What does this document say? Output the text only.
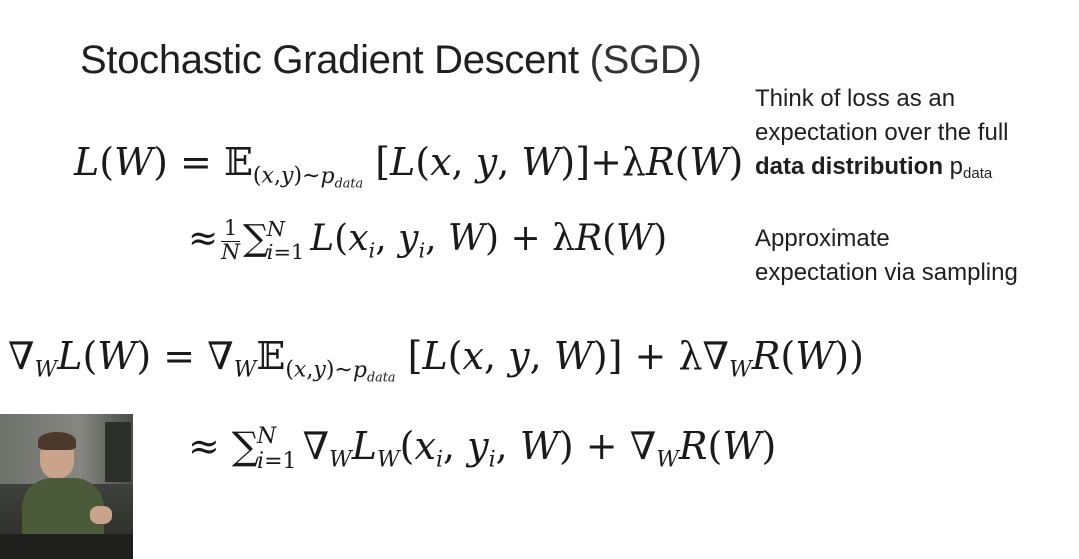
Stochastic Gradient Descent (SGD)
L(W) = 𝔼$_{(x,y)\sim p_{data}}$ [L(x, y, W)]+λR(W)
≈ $\frac{1}{N}$ ∑
N
i=1 $L(x_i$, $y_i$, W) + λR(W)
Think of loss as an
expectation over the full
data distribution $p_{data}$
Approximate
expectation via sampling
$\nabla_WL(W)$ = $\nabla_W𝔼_{(x,y)\sim p_{data}}$ [L(x, y, $W)] + \lambda\nabla_WR(W)$)
≈ ∑
N
i=1 $\nabla_WL_W(x_i$, $y_i$, $W) + \nabla_WR(W)$
